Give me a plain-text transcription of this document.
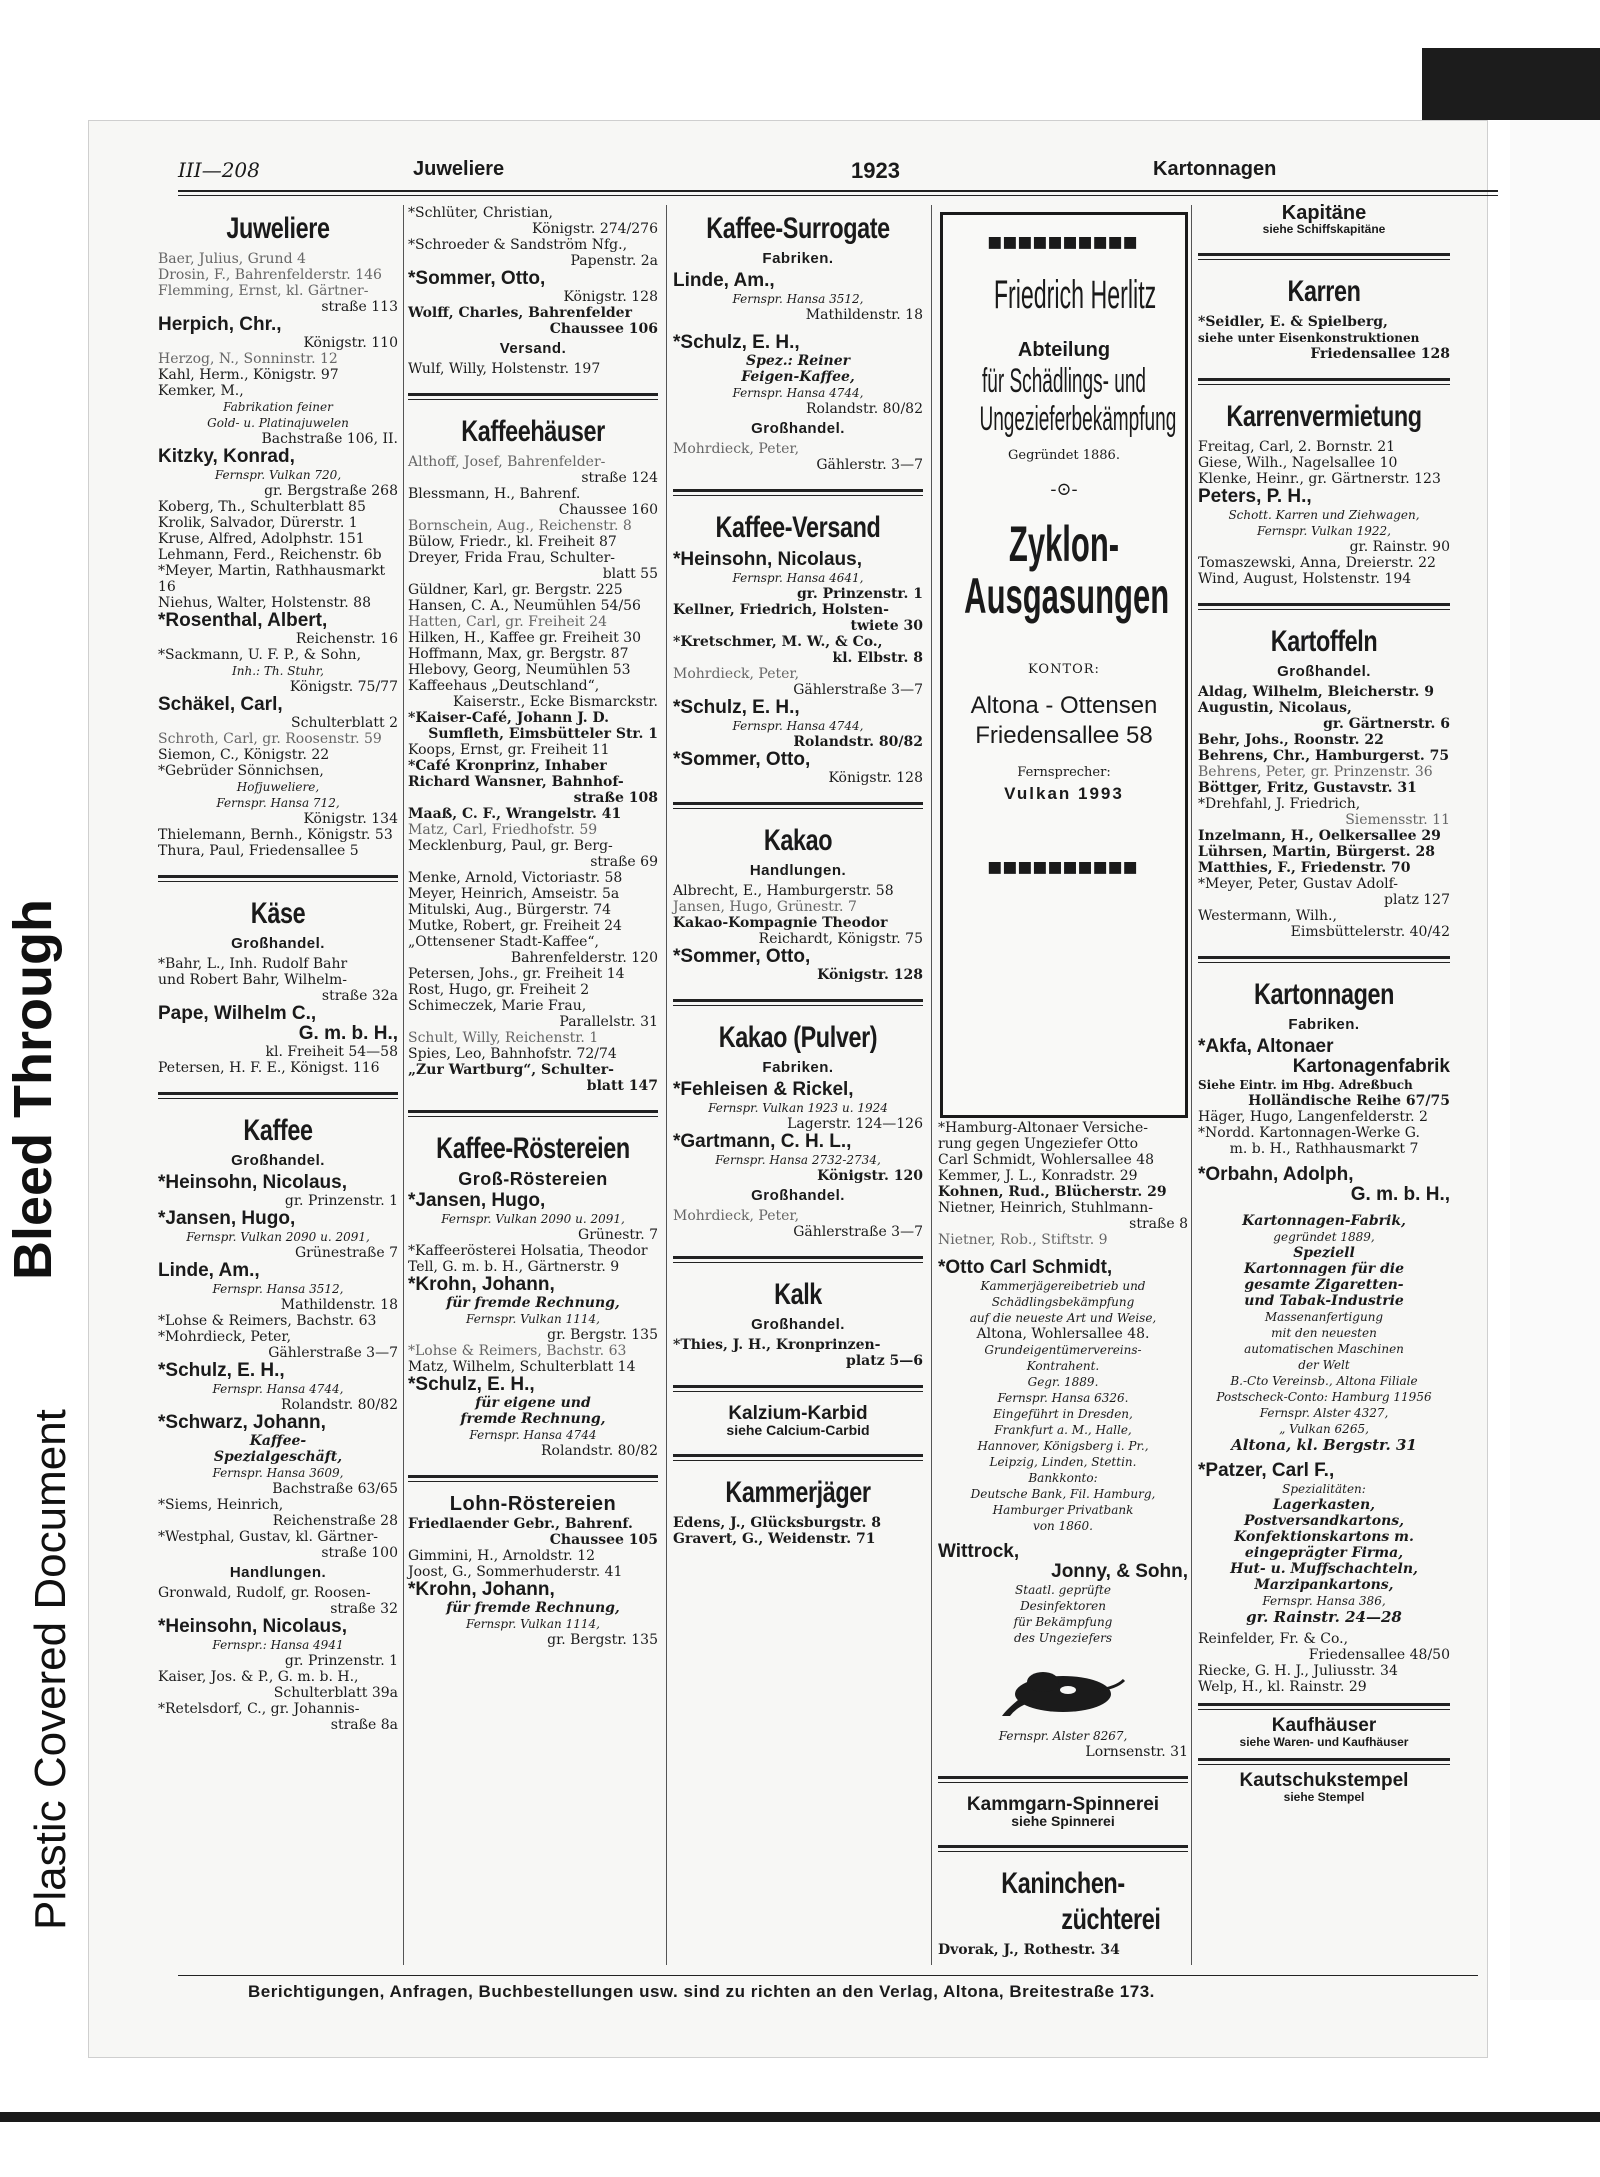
Bleed Through
Plastic Covered Document
III—208	Juweliere	1923	Kartonnagen
Juweliere
Baer, Julius, Grund 4
Drosin, F., Bahrenfelderstr. 146
Flemming, Ernst, kl. Gärtner-
straße 113
Herpich, Chr.,
Königstr. 110
Herzog, N., Sonninstr. 12
Kahl, Herm., Königstr. 97
Kemker, M.,
Fabrikation feiner
Gold- u. Platinajuwelen
Bachstraße 106, II.
Kitzky, Konrad,
Fernspr. Vulkan 720,
gr. Bergstraße 268
Koberg, Th., Schulterblatt 85
Krolik, Salvador, Dürerstr. 1
Kruse, Alfred, Adolphstr. 151
Lehmann, Ferd., Reichenstr. 6b
*Meyer, Martin, Rathhausmarkt 16
Niehus, Walter, Holstenstr. 88
*Rosenthal, Albert,
Reichenstr. 16
*Sackmann, U. F. P., & Sohn,
Inh.: Th. Stuhr,
Königstr. 75/77
Schäkel, Carl,
Schulterblatt 2
Schroth, Carl, gr. Roosenstr. 59
Siemon, C., Königstr. 22
*Gebrüder Sönnichsen,
Hofjuweliere,
Fernspr. Hansa 712,
Königstr. 134
Thielemann, Bernh., Königstr. 53
Thura, Paul, Friedensallee 5
Käse
Großhandel.
*Bahr, L., Inh. Rudolf Bahr
und Robert Bahr, Wilhelm-
straße 32a
Pape, Wilhelm C.,
G. m. b. H.,
kl. Freiheit 54—58
Petersen, H. F. E., Königst. 116
Kaffee
Großhandel.
*Heinsohn, Nicolaus,
gr. Prinzenstr. 1
*Jansen, Hugo,
Fernspr. Vulkan 2090 u. 2091,
Grünestraße 7
Linde, Am.,
Fernspr. Hansa 3512,
Mathildenstr. 18
*Lohse & Reimers, Bachstr. 63
*Mohrdieck, Peter,
Gählerstraße 3—7
*Schulz, E. H.,
Fernspr. Hansa 4744,
Rolandstr. 80/82
*Schwarz, Johann,
Kaffee-
Spezialgeschäft,
Fernspr. Hansa 3609,
Bachstraße 63/65
*Siems, Heinrich,
Reichenstraße 28
*Westphal, Gustav, kl. Gärtner-
straße 100
Handlungen.
Gronwald, Rudolf, gr. Roosen-
straße 32
*Heinsohn, Nicolaus,
Fernspr.: Hansa 4941
gr. Prinzenstr. 1
Kaiser, Jos. & P., G. m. b. H.,
Schulterblatt 39a
*Retelsdorf, C., gr. Johannis-
straße 8a
*Schlüter, Christian,
Königstr. 274/276
*Schroeder & Sandström Nfg.,
Papenstr. 2a
*Sommer, Otto,
Königstr. 128
Wolff, Charles, Bahrenfelder
Chaussee 106
Versand.
Wulf, Willy, Holstenstr. 197
Kaffeehäuser
Althoff, Josef, Bahrenfelder-
straße 124
Blessmann, H., Bahrenf.
Chaussee 160
Bornschein, Aug., Reichenstr. 8
Bülow, Friedr., kl. Freiheit 87
Dreyer, Frida Frau, Schulter-
blatt 55
Güldner, Karl, gr. Bergstr. 225
Hansen, C. A., Neumühlen 54/56
Hatten, Carl, gr. Freiheit 24
Hilken, H., Kaffee gr. Freiheit 30
Hoffmann, Max, gr. Bergstr. 87
Hlebovy, Georg, Neumühlen 53
Kaffeehaus „Deutschland“,
Kaiserstr., Ecke Bismarckstr.
*Kaiser-Café, Johann J. D.
Sumfleth, Eimsbütteler Str. 1
Koops, Ernst, gr. Freiheit 11
*Café Kronprinz, Inhaber
Richard Wansner, Bahnhof-
straße 108
Maaß, C. F., Wrangelstr. 41
Matz, Carl, Friedhofstr. 59
Mecklenburg, Paul, gr. Berg-
straße 69
Menke, Arnold, Victoriastr. 58
Meyer, Heinrich, Amseistr. 5a
Mitulski, Aug., Bürgerstr. 74
Mutke, Robert, gr. Freiheit 24
„Ottensener Stadt-Kaffee“,
Bahrenfelderstr. 120
Petersen, Johs., gr. Freiheit 14
Rost, Hugo, gr. Freiheit 2
Schimeczek, Marie Frau,
Parallelstr. 31
Schult, Willy, Reichenstr. 1
Spies, Leo, Bahnhofstr. 72/74
„Zur Wartburg“, Schulter-
blatt 147
Kaffee-Röstereien
Groß-Röstereien
*Jansen, Hugo,
Fernspr. Vulkan 2090 u. 2091,
Grünestr. 7
*Kaffeerösterei Holsatia, Theodor
Tell, G. m. b. H., Gärtnerstr. 9
*Krohn, Johann,
für fremde Rechnung,
Fernspr. Vulkan 1114,
gr. Bergstr. 135
*Lohse & Reimers, Bachstr. 63
Matz, Wilhelm, Schulterblatt 14
*Schulz, E. H.,
für eigene und
fremde Rechnung,
Fernspr. Hansa 4744
Rolandstr. 80/82
Lohn-Röstereien
Friedlaender Gebr., Bahrenf.
Chaussee 105
Gimmini, H., Arnoldstr. 12
Joost, G., Sommerhuderstr. 41
*Krohn, Johann,
für fremde Rechnung,
Fernspr. Vulkan 1114,
gr. Bergstr. 135
Kaffee-Surrogate
Fabriken.
Linde, Am.,
Fernspr. Hansa 3512,
Mathildenstr. 18
*Schulz, E. H.,
Spez.: Reiner
Feigen-Kaffee,
Fernspr. Hansa 4744,
Rolandstr. 80/82
Großhandel.
Mohrdieck, Peter,
Gählerstr. 3—7
Kaffee-Versand
*Heinsohn, Nicolaus,
Fernspr. Hansa 4641,
gr. Prinzenstr. 1
Kellner, Friedrich, Holsten-
twiete 30
*Kretschmer, M. W., & Co.,
kl. Elbstr. 8
Mohrdieck, Peter,
Gählerstraße 3—7
*Schulz, E. H.,
Fernspr. Hansa 4744,
Rolandstr. 80/82
*Sommer, Otto,
Königstr. 128
Kakao
Handlungen.
Albrecht, E., Hamburgerstr. 58
Jansen, Hugo, Grünestr. 7
Kakao-Kompagnie Theodor
Reichardt, Königstr. 75
*Sommer, Otto,
Königstr. 128
Kakao (Pulver)
Fabriken.
*Fehleisen & Rickel,
Fernspr. Vulkan 1923 u. 1924
Lagerstr. 124—126
*Gartmann, C. H. L.,
Fernspr. Hansa 2732-2734,
Königstr. 120
Großhandel.
Mohrdieck, Peter,
Gählerstraße 3—7
Kalk
Großhandel.
*Thies, J. H., Kronprinzen-
platz 5—6
Kalzium-Karbid
siehe Calcium-Carbid
Kammerjäger
Edens, J., Glücksburgstr. 8
Gravert, G., Weidenstr. 71
■■■■■■■■■■
Friedrich Herlitz
Abteilung
für Schädlings- und
Ungezieferbekämpfung
Gegründet 1886.
-⊙-
Zyklon-
Ausgasungen
KONTOR:
Altona - Ottensen
Friedensallee 58
Fernsprecher:
Vulkan 1993
■■■■■■■■■■
*Hamburg-Altonaer Versiche-
rung gegen Ungeziefer Otto
Carl Schmidt, Wohlersallee 48
Kemmer, J. L., Konradstr. 29
Kohnen, Rud., Blücherstr. 29
Nietner, Heinrich, Stuhlmann-
straße 8
Nietner, Rob., Stiftstr. 9
*Otto Carl Schmidt,
Kammerjägereibetrieb und
Schädlingsbekämpfung
auf die neueste Art und Weise,
Altona, Wohlersallee 48.
Grundeigentümervereins-
Kontrahent.
Gegr. 1889.
Fernspr. Hansa 6326.
Eingeführt in Dresden,
Frankfurt a. M., Halle,
Hannover, Königsberg i. Pr.,
Leipzig, Linden, Stettin.
Bankkonto:
Deutsche Bank, Fil. Hamburg,
Hamburger Privatbank
von 1860.
Wittrock,
Jonny, & Sohn,
Staatl. geprüfte
Desinfektoren
für Bekämpfung
des Ungeziefers
Fernspr. Alster 8267,
Lornsenstr. 31
Kammgarn-Spinnerei
siehe Spinnerei
Kaninchen-
züchterei
Dvorak, J., Rothestr. 34
Kapitäne
siehe Schiffskapitäne
Karren
*Seidler, E. & Spielberg,
siehe unter Eisenkonstruktionen
Friedensallee 128
Karrenvermietung
Freitag, Carl, 2. Bornstr. 21
Giese, Wilh., Nagelsallee 10
Klenke, Heinr., gr. Gärtnerstr. 123
Peters, P. H.,
Schott. Karren und Ziehwagen,
Fernspr. Vulkan 1922,
gr. Rainstr. 90
Tomaszewski, Anna, Dreierstr. 22
Wind, August, Holstenstr. 194
Kartoffeln
Großhandel.
Aldag, Wilhelm, Bleicherstr. 9
Augustin, Nicolaus,
gr. Gärtnerstr. 6
Behr, Johs., Roonstr. 22
Behrens, Chr., Hamburgerst. 75
Behrens, Peter, gr. Prinzenstr. 36
Böttger, Fritz, Gustavstr. 31
*Drehfahl, J. Friedrich,
Siemensstr. 11
Inzelmann, H., Oelkersallee 29
Lührsen, Martin, Bürgerst. 28
Matthies, F., Friedenstr. 70
*Meyer, Peter, Gustav Adolf-
platz 127
Westermann, Wilh.,
Eimsbüttelerstr. 40/42
Kartonnagen
Fabriken.
*Akfa, Altonaer
Kartonagenfabrik
Siehe Eintr. im Hbg. Adreßbuch
Holländische Reihe 67/75
Häger, Hugo, Langenfelderstr. 2
*Nordd. Kartonnagen-Werke G.
m. b. H., Rathhausmarkt 7
*Orbahn, Adolph,
G. m. b. H.,
Kartonnagen-Fabrik,
gegründet 1889,
Speziell
Kartonnagen für die
gesamte Zigaretten-
und Tabak-Industrie
Massenanfertigung
mit den neuesten
automatischen Maschinen
der Welt
B.-Cto Vereinsb., Altona Filiale
Postscheck-Conto: Hamburg 11956
Fernspr. Alster 4327,
„ Vulkan 6265,
Altona, kl. Bergstr. 31
*Patzer, Carl F.,
Spezialitäten:
Lagerkasten,
Postversandkartons,
Konfektionskartons m.
eingeprägter Firma,
Hut- u. Muffschachteln,
Marzipankartons,
Fernspr. Hansa 386,
gr. Rainstr. 24—28
Reinfelder, Fr. & Co.,
Friedensallee 48/50
Riecke, G. H. J., Juliusstr. 34
Welp, H., kl. Rainstr. 29
Kaufhäuser
siehe Waren- und Kaufhäuser
Kautschukstempel
siehe Stempel
Berichtigungen, Anfragen, Buchbestellungen usw. sind zu richten an den Verlag, Altona, Breitestraße 173.
